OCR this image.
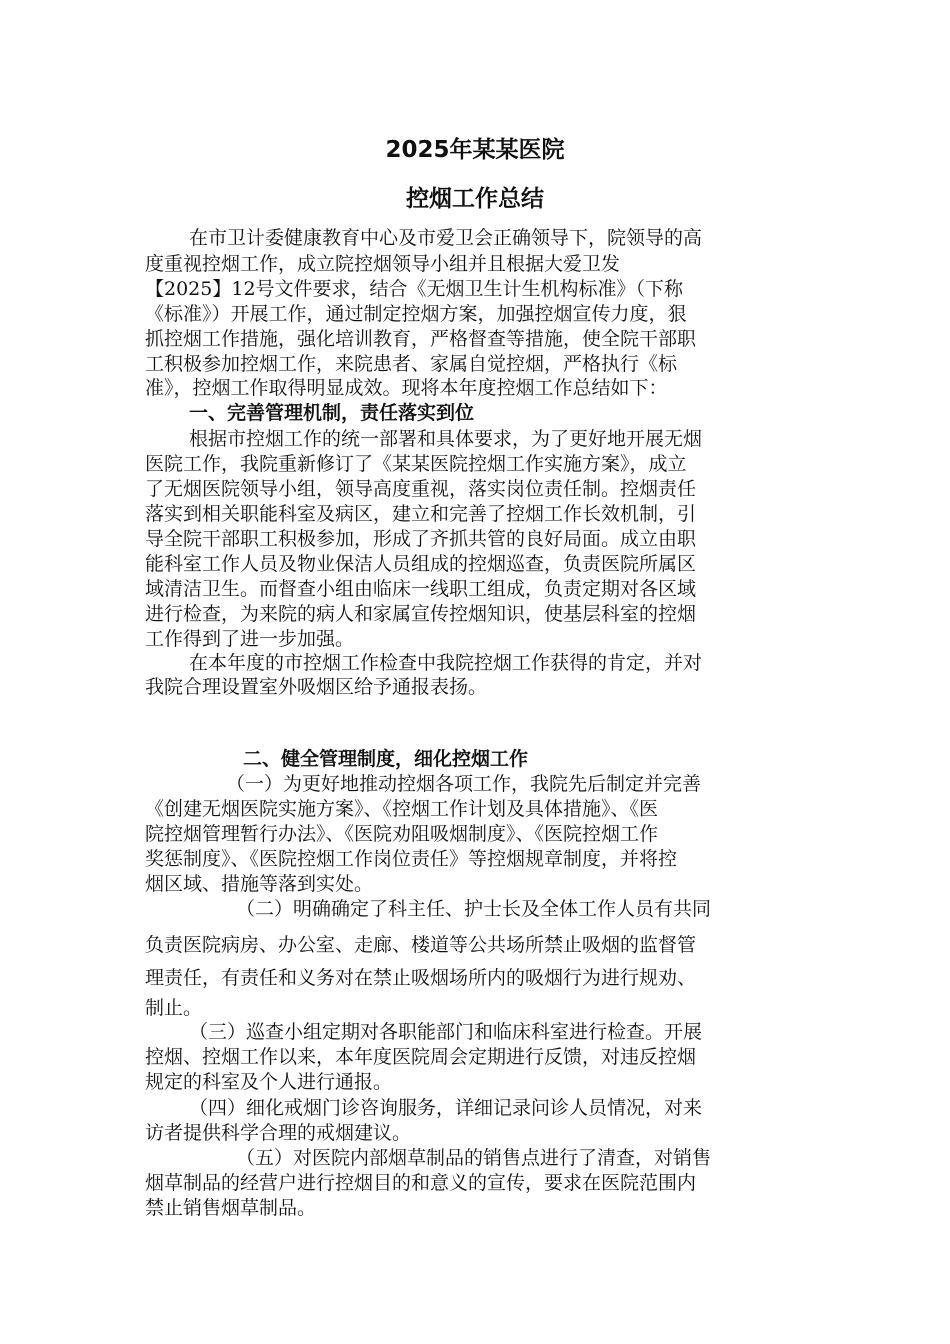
2025年某某医院
控烟工作总结
在市卫计委健康教育中心及市爱卫会正确领导下，院领导的高
度重视控烟工作，成立院控烟领导小组并且根据大爱卫发
【2025】12号文件要求，结合《无烟卫生计生机构标准》（下称
《标准》）开展工作，通过制定控烟方案，加强控烟宣传力度，狠
抓控烟工作措施，强化培训教育，严格督查等措施，使全院干部职
工积极参加控烟工作，来院患者、家属自觉控烟，严格执行《标
准》，控烟工作取得明显成效。现将本年度控烟工作总结如下：
一、完善管理机制，责任落实到位
根据市控烟工作的统一部署和具体要求，为了更好地开展无烟
医院工作，我院重新修订了《某某医院控烟工作实施方案》，成立
了无烟医院领导小组，领导高度重视，落实岗位责任制。控烟责任
落实到相关职能科室及病区，建立和完善了控烟工作长效机制，引
导全院干部职工积极参加，形成了齐抓共管的良好局面。成立由职
能科室工作人员及物业保洁人员组成的控烟巡查，负责医院所属区
域清洁卫生。而督查小组由临床一线职工组成，负责定期对各区域
进行检查，为来院的病人和家属宣传控烟知识，使基层科室的控烟
工作得到了进一步加强。
在本年度的市控烟工作检查中我院控烟工作获得的肯定，并对
我院合理设置室外吸烟区给予通报表扬。
二、健全管理制度，细化控烟工作
（一）为更好地推动控烟各项工作，我院先后制定并完善
《创建无烟医院实施方案》、《控烟工作计划及具体措施》、《医
院控烟管理暂行办法》、《医院劝阻吸烟制度》、《医院控烟工作
奖惩制度》、《医院控烟工作岗位责任》等控烟规章制度，并将控
烟区域、措施等落到实处。
（二）明确确定了科主任、护士长及全体工作人员有共同
负责医院病房、办公室、走廊、楼道等公共场所禁止吸烟的监督管
理责任，有责任和义务对在禁止吸烟场所内的吸烟行为进行规劝、
制止。
（三）巡查小组定期对各职能部门和临床科室进行检查。开展
控烟、控烟工作以来，本年度医院周会定期进行反馈，对违反控烟
规定的科室及个人进行通报。
（四）细化戒烟门诊咨询服务，详细记录问诊人员情况，对来
访者提供科学合理的戒烟建议。
（五）对医院内部烟草制品的销售点进行了清查，对销售
烟草制品的经营户进行控烟目的和意义的宣传，要求在医院范围内
禁止销售烟草制品。
